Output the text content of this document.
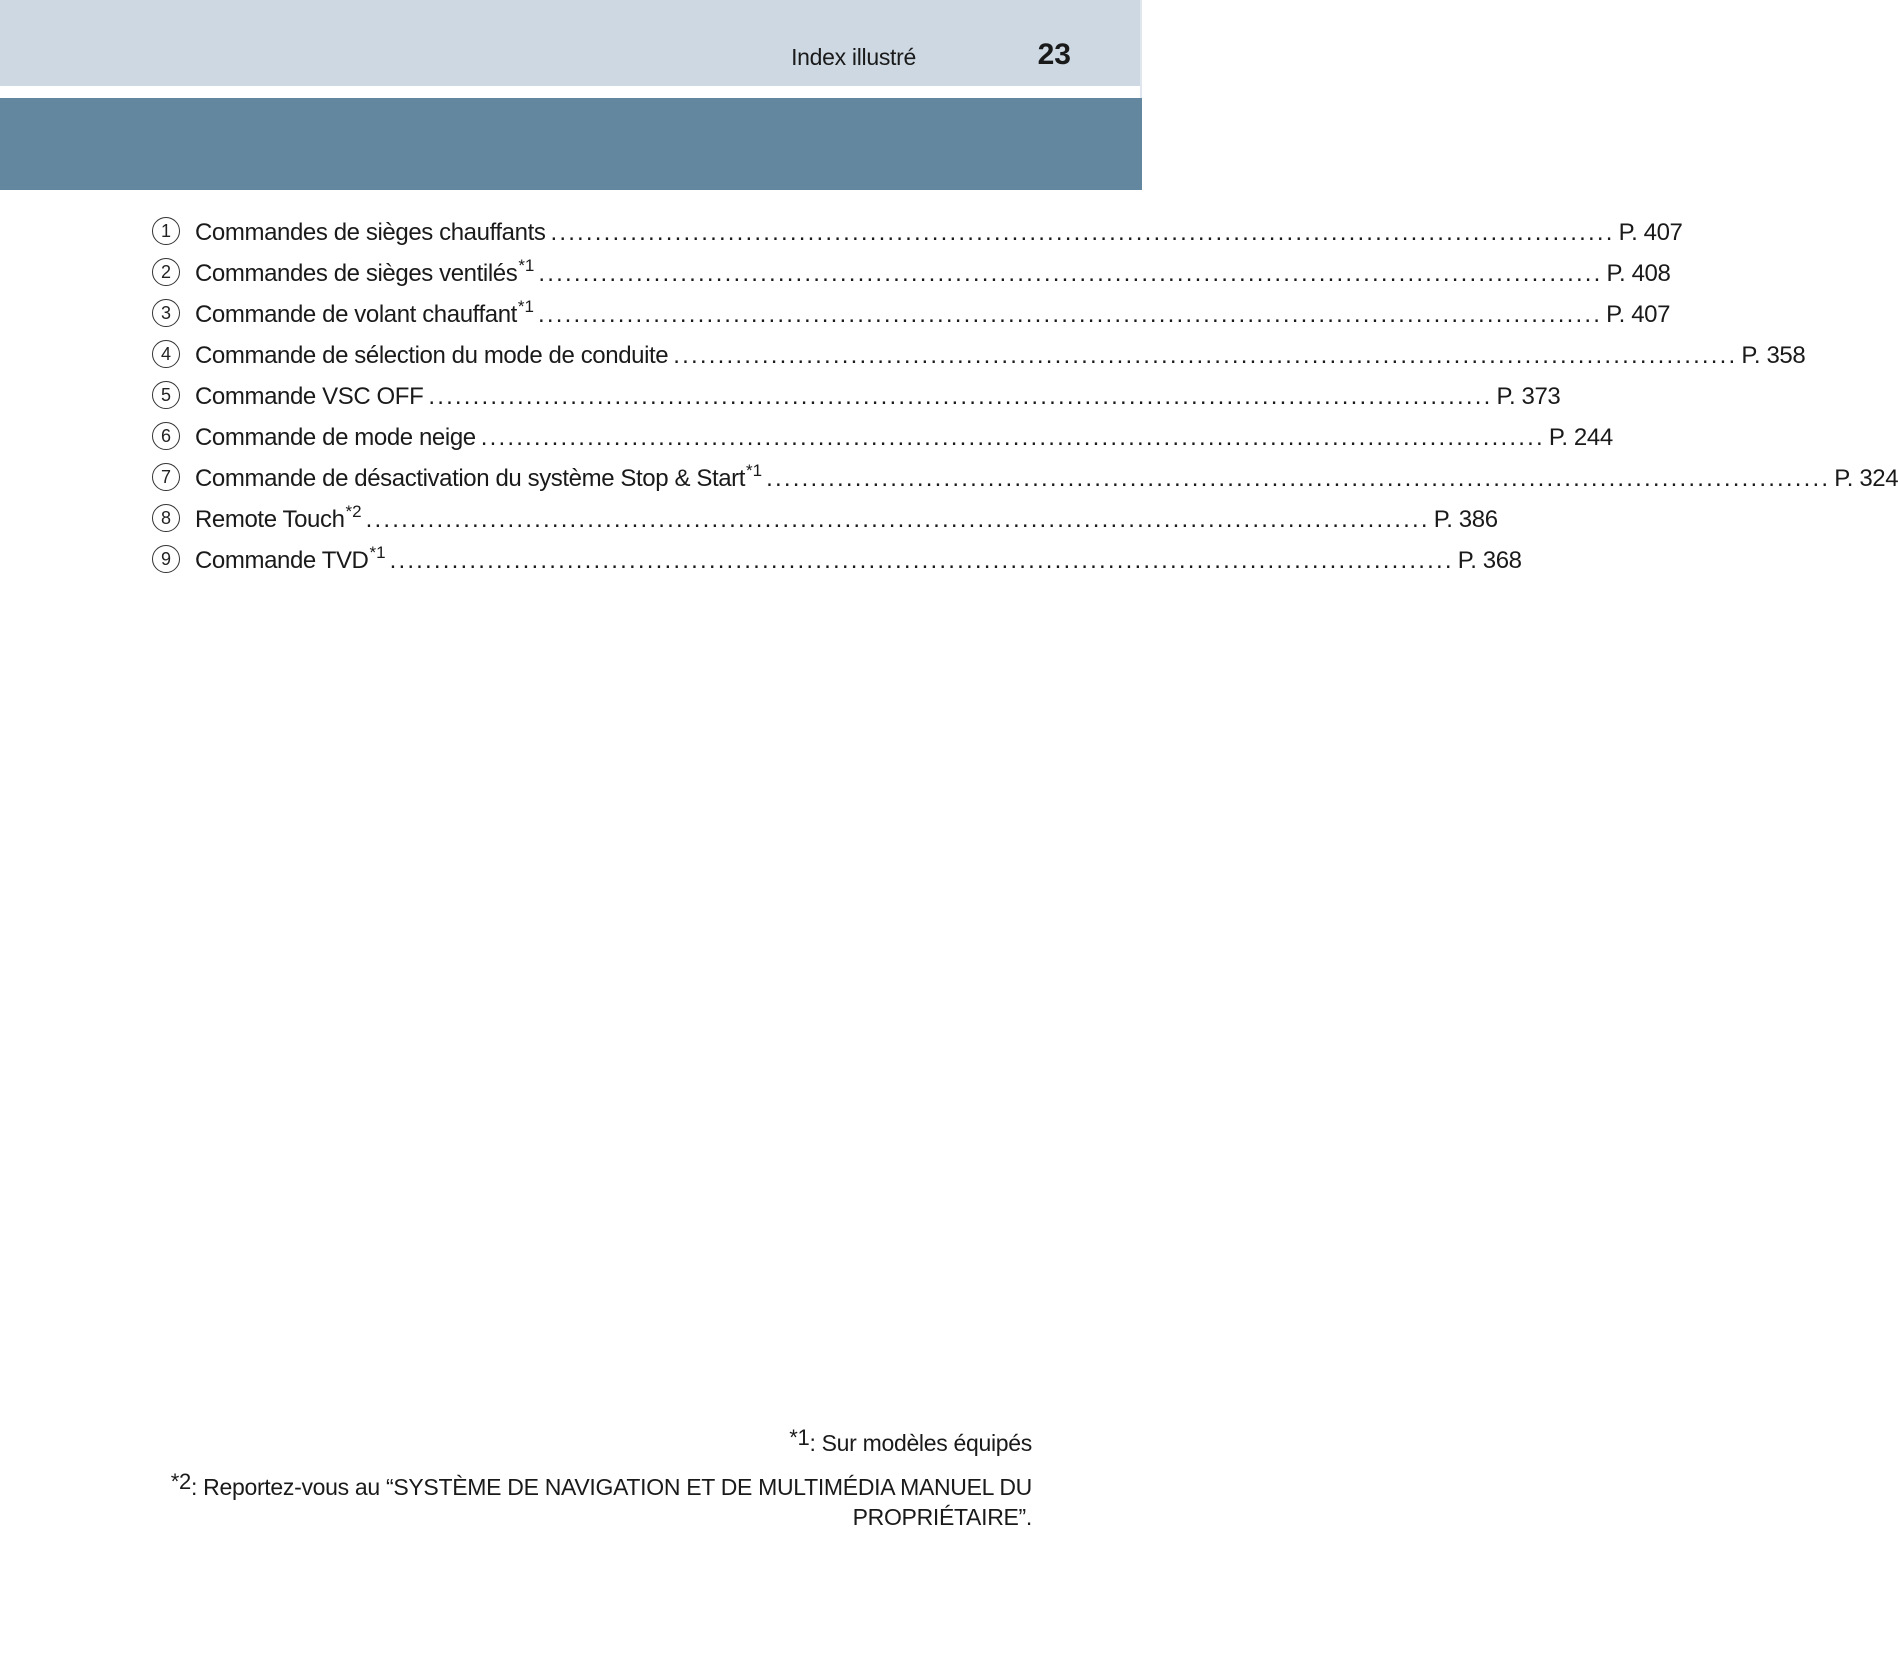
Index illustré	23
1	Commandes de sièges chauffants ........................................................................................................................ P. 407
2	Commandes de sièges ventilés$^{*1}$ ........................................................................................................................ P. 408
3	Commande de volant chauffant$^{*1}$ ........................................................................................................................ P. 407
4	Commande de sélection du mode de conduite ........................................................................................................................ P. 358
5	Commande VSC OFF ........................................................................................................................ P. 373
6	Commande de mode neige ........................................................................................................................ P. 244
7	Commande de désactivation du système Stop & Start$^{*1}$ ........................................................................................................................ P. 324
8	Remote Touch$^{*2}$ ........................................................................................................................ P. 386
9	Commande TVD$^{*1}$ ........................................................................................................................ P. 368
*1: Sur modèles équipés
*2: Reportez-vous au “SYSTÈME DE NAVIGATION ET DE MULTIMÉDIA MANUEL DU PROPRIÉTAIRE”.
